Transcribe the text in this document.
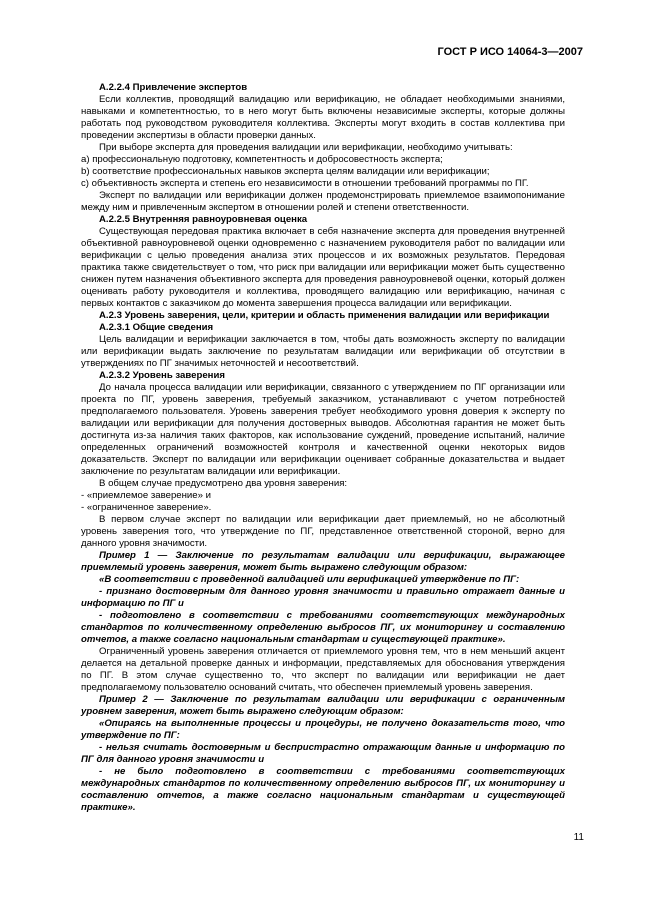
ГОСТ Р ИСО 14064-3—2007

A.2.2.4 Привлечение экспертов

Если коллектив, проводящий валидацию или верификацию, не обладает необходимыми знаниями, навыками и компетентностью, то в него могут быть включены независимые эксперты, которые должны работать под руководством руководителя коллектива. Эксперты могут входить в состав коллектива при проведении экспертизы в области проверки данных.

При выборе эксперта для проведения валидации или верификации, необходимо учитывать:

a) профессиональную подготовку, компетентность и добросовестность эксперта;

b) соответствие профессиональных навыков эксперта целям валидации или верификации;

c) объективность эксперта и степень его независимости в отношении требований программы по ПГ.

Эксперт по валидации или верификации должен продемонстрировать приемлемое взаимопонимание между ним и привлеченным экспертом в отношении ролей и степени ответственности.

A.2.2.5 Внутренняя равноуровневая оценка

Существующая передовая практика включает в себя назначение эксперта для проведения внутренней объективной равноуровневой оценки одновременно с назначением руководителя работ по валидации или верификации с целью проведения анализа этих процессов и их возможных результатов. Передовая практика также свидетельствует о том, что риск при валидации или верификации может быть существенно снижен путем назначения объективного эксперта для проведения равноуровневой оценки, который должен оценивать работу руководителя и коллектива, проводящего валидацию или верификацию, начиная с первых контактов с заказчиком до момента завершения процесса валидации или верификации.

A.2.3 Уровень заверения, цели, критерии и область применения валидации или верификации

A.2.3.1 Общие сведения

Цель валидации и верификации заключается в том, чтобы дать возможность эксперту по валидации или верификации выдать заключение по результатам валидации или верификации об отсутствии в утверждениях по ПГ значимых неточностей и несоответствий.

A.2.3.2 Уровень заверения

До начала процесса валидации или верификации, связанного с утверждением по ПГ организации или проекта по ПГ, уровень заверения, требуемый заказчиком, устанавливают с учетом потребностей предполагаемого пользователя. Уровень заверения требует необходимого уровня доверия к эксперту по валидации или верификации для получения достоверных выводов. Абсолютная гарантия не может быть достигнута из-за наличия таких факторов, как использование суждений, проведение испытаний, наличие определенных ограничений возможностей контроля и качественной оценки некоторых видов доказательств. Эксперт по валидации или верификации оценивает собранные доказательства и выдает заключение по результатам валидации или верификации.

В общем случае предусмотрено два уровня заверения:

- «приемлемое заверение» и

- «ограниченное заверение».

В первом случае эксперт по валидации или верификации дает приемлемый, но не абсолютный уровень заверения того, что утверждение по ПГ, представленное ответственной стороной, верно для данного уровня значимости.

Пример 1 — Заключение по результатам валидации или верификации, выражающее приемлемый уровень заверения, может быть выражено следующим образом:

«В соответствии с проведенной валидацией или верификацией утверждение по ПГ:

- признано достоверным для данного уровня значимости и правильно отражает данные и информацию по ПГ и

- подготовлено в соответствии с требованиями соответствующих международных стандартов по количественному определению выбросов ПГ, их мониторингу и составлению отчетов, а также согласно национальным стандартам и существующей практике».

Ограниченный уровень заверения отличается от приемлемого уровня тем, что в нем меньший акцент делается на детальной проверке данных и информации, представляемых для обоснования утверждения по ПГ. В этом случае существенно то, что эксперт по валидации или верификации не дает предполагаемому пользователю оснований считать, что обеспечен приемлемый уровень заверения.

Пример 2 — Заключение по результатам валидации или верификации с ограниченным уровнем заверения, может быть выражено следующим образом:

«Опираясь на выполненные процессы и процедуры, не получено доказательств того, что утверждение по ПГ:

- нельзя считать достоверным и беспристрастно отражающим данные и информацию по ПГ для данного уровня значимости и

- не было подготовлено в соответствии с требованиями соответствующих международных стандартов по количественному определению выбросов ПГ, их мониторингу и составлению отчетов, а также согласно национальным стандартам и существующей практике».

11
